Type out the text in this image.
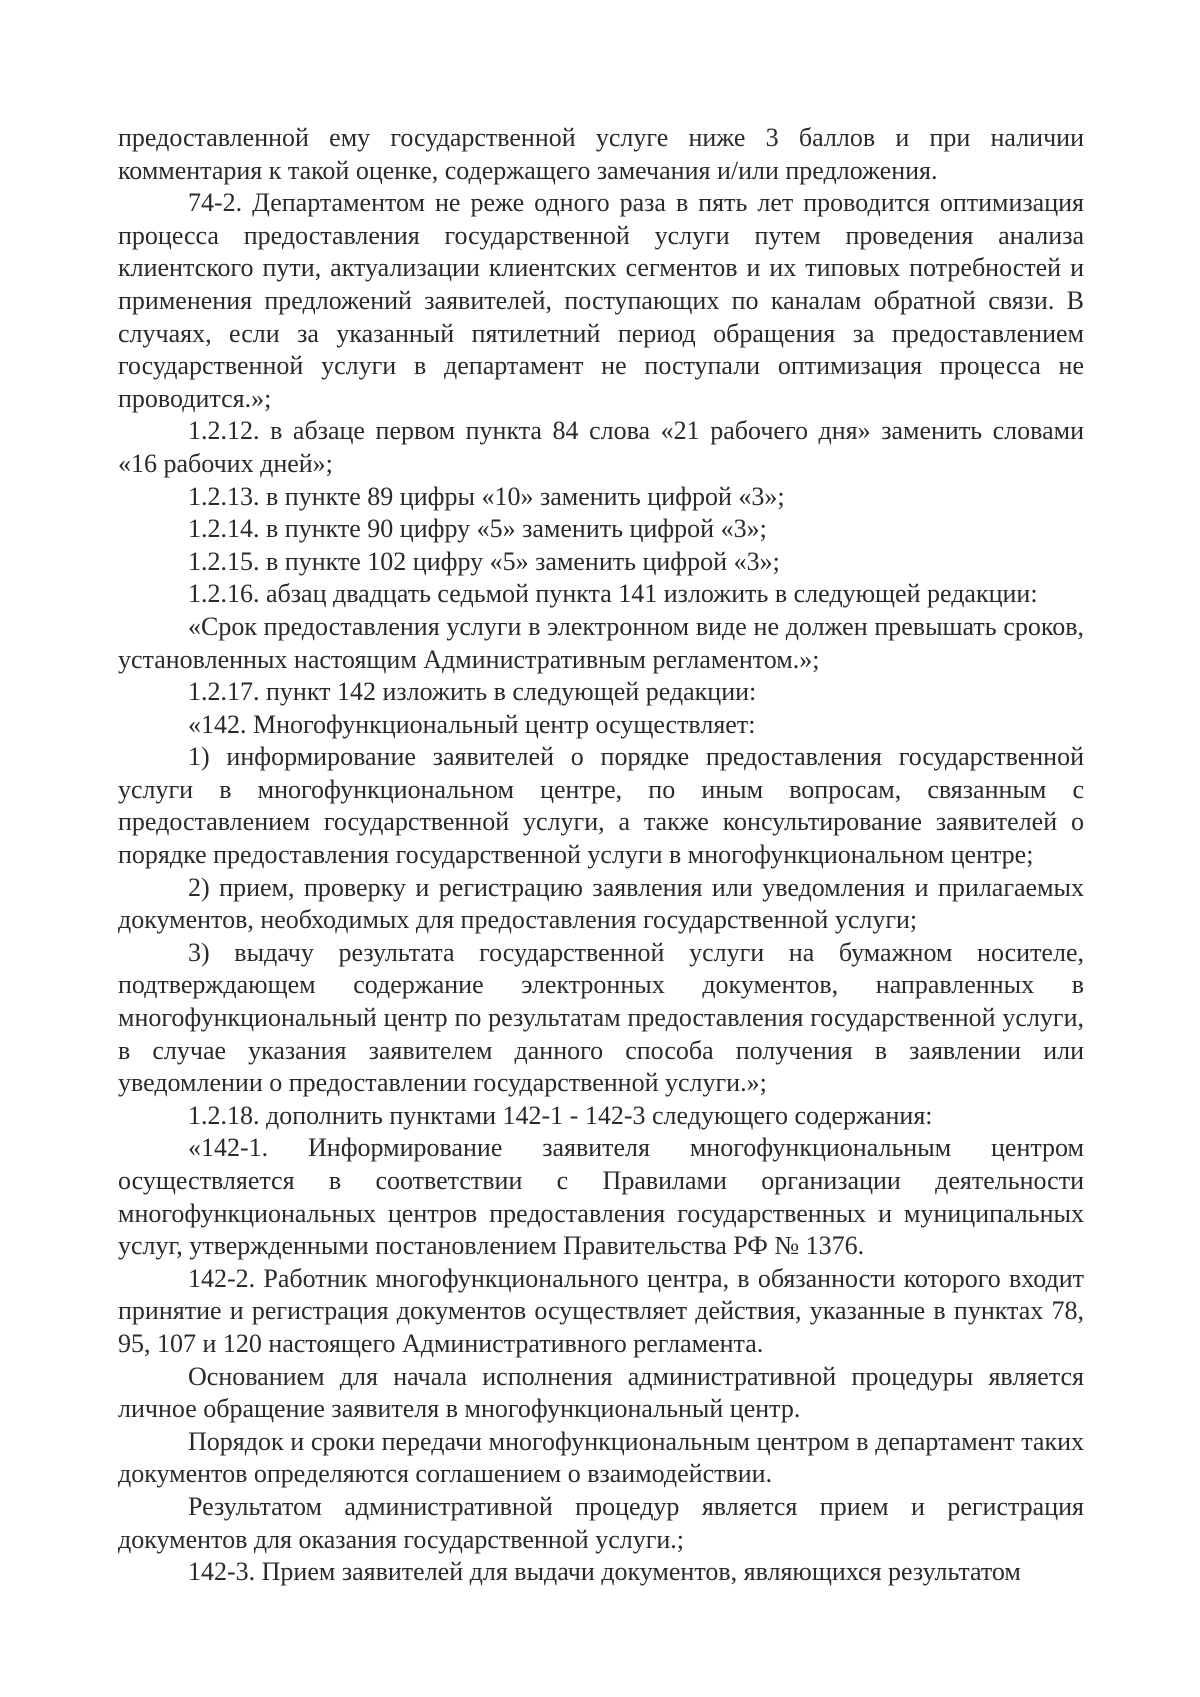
предоставленной ему государственной услуге ниже 3 баллов и при наличии комментария к такой оценке, содержащего замечания и/или предложения.

74-2. Департаментом не реже одного раза в пять лет проводится оптимизация процесса предоставления государственной услуги путем проведения анализа клиентского пути, актуализации клиентских сегментов и их типовых потребностей и применения предложений заявителей, поступающих по каналам обратной связи. В случаях, если за указанный пятилетний период обращения за предоставлением государственной услуги в департамент не поступали оптимизация процесса не проводится.»;

1.2.12. в абзаце первом пункта 84 слова «21 рабочего дня» заменить словами «16 рабочих дней»;

1.2.13. в пункте 89 цифры «10» заменить цифрой «3»;

1.2.14. в пункте 90 цифру «5» заменить цифрой «3»;

1.2.15. в пункте 102 цифру «5» заменить цифрой «3»;

1.2.16. абзац двадцать седьмой пункта 141 изложить в следующей редакции:

«Срок предоставления услуги в электронном виде не должен превышать сроков, установленных настоящим Административным регламентом.»;

1.2.17. пункт 142 изложить в следующей редакции:

«142. Многофункциональный центр осуществляет:

1) информирование заявителей о порядке предоставления государственной услуги в многофункциональном центре, по иным вопросам, связанным с предоставлением государственной услуги, а также консультирование заявителей о порядке предоставления государственной услуги в многофункциональном центре;

2) прием, проверку и регистрацию заявления или уведомления и прилагаемых документов, необходимых для предоставления государственной услуги;

3) выдачу результата государственной услуги на бумажном носителе, подтверждающем содержание электронных документов, направленных в многофункциональный центр по результатам предоставления государственной услуги, в случае указания заявителем данного способа получения в заявлении или уведомлении о предоставлении государственной услуги.»;

1.2.18. дополнить пунктами 142-1 - 142-3 следующего содержания:

«142-1. Информирование заявителя многофункциональным центром осуществляется в соответствии с Правилами организации деятельности многофункциональных центров предоставления государственных и муниципальных услуг, утвержденными постановлением Правительства РФ № 1376.

142-2. Работник многофункционального центра, в обязанности которого входит принятие и регистрация документов осуществляет действия, указанные в пунктах 78, 95, 107 и 120 настоящего Административного регламента.

Основанием для начала исполнения административной процедуры является личное обращение заявителя в многофункциональный центр.

Порядок и сроки передачи многофункциональным центром в департамент таких документов определяются соглашением о взаимодействии.

Результатом административной процедур является прием и регистрация документов для оказания государственной услуги.;

142-3. Прием заявителей для выдачи документов, являющихся результатом
